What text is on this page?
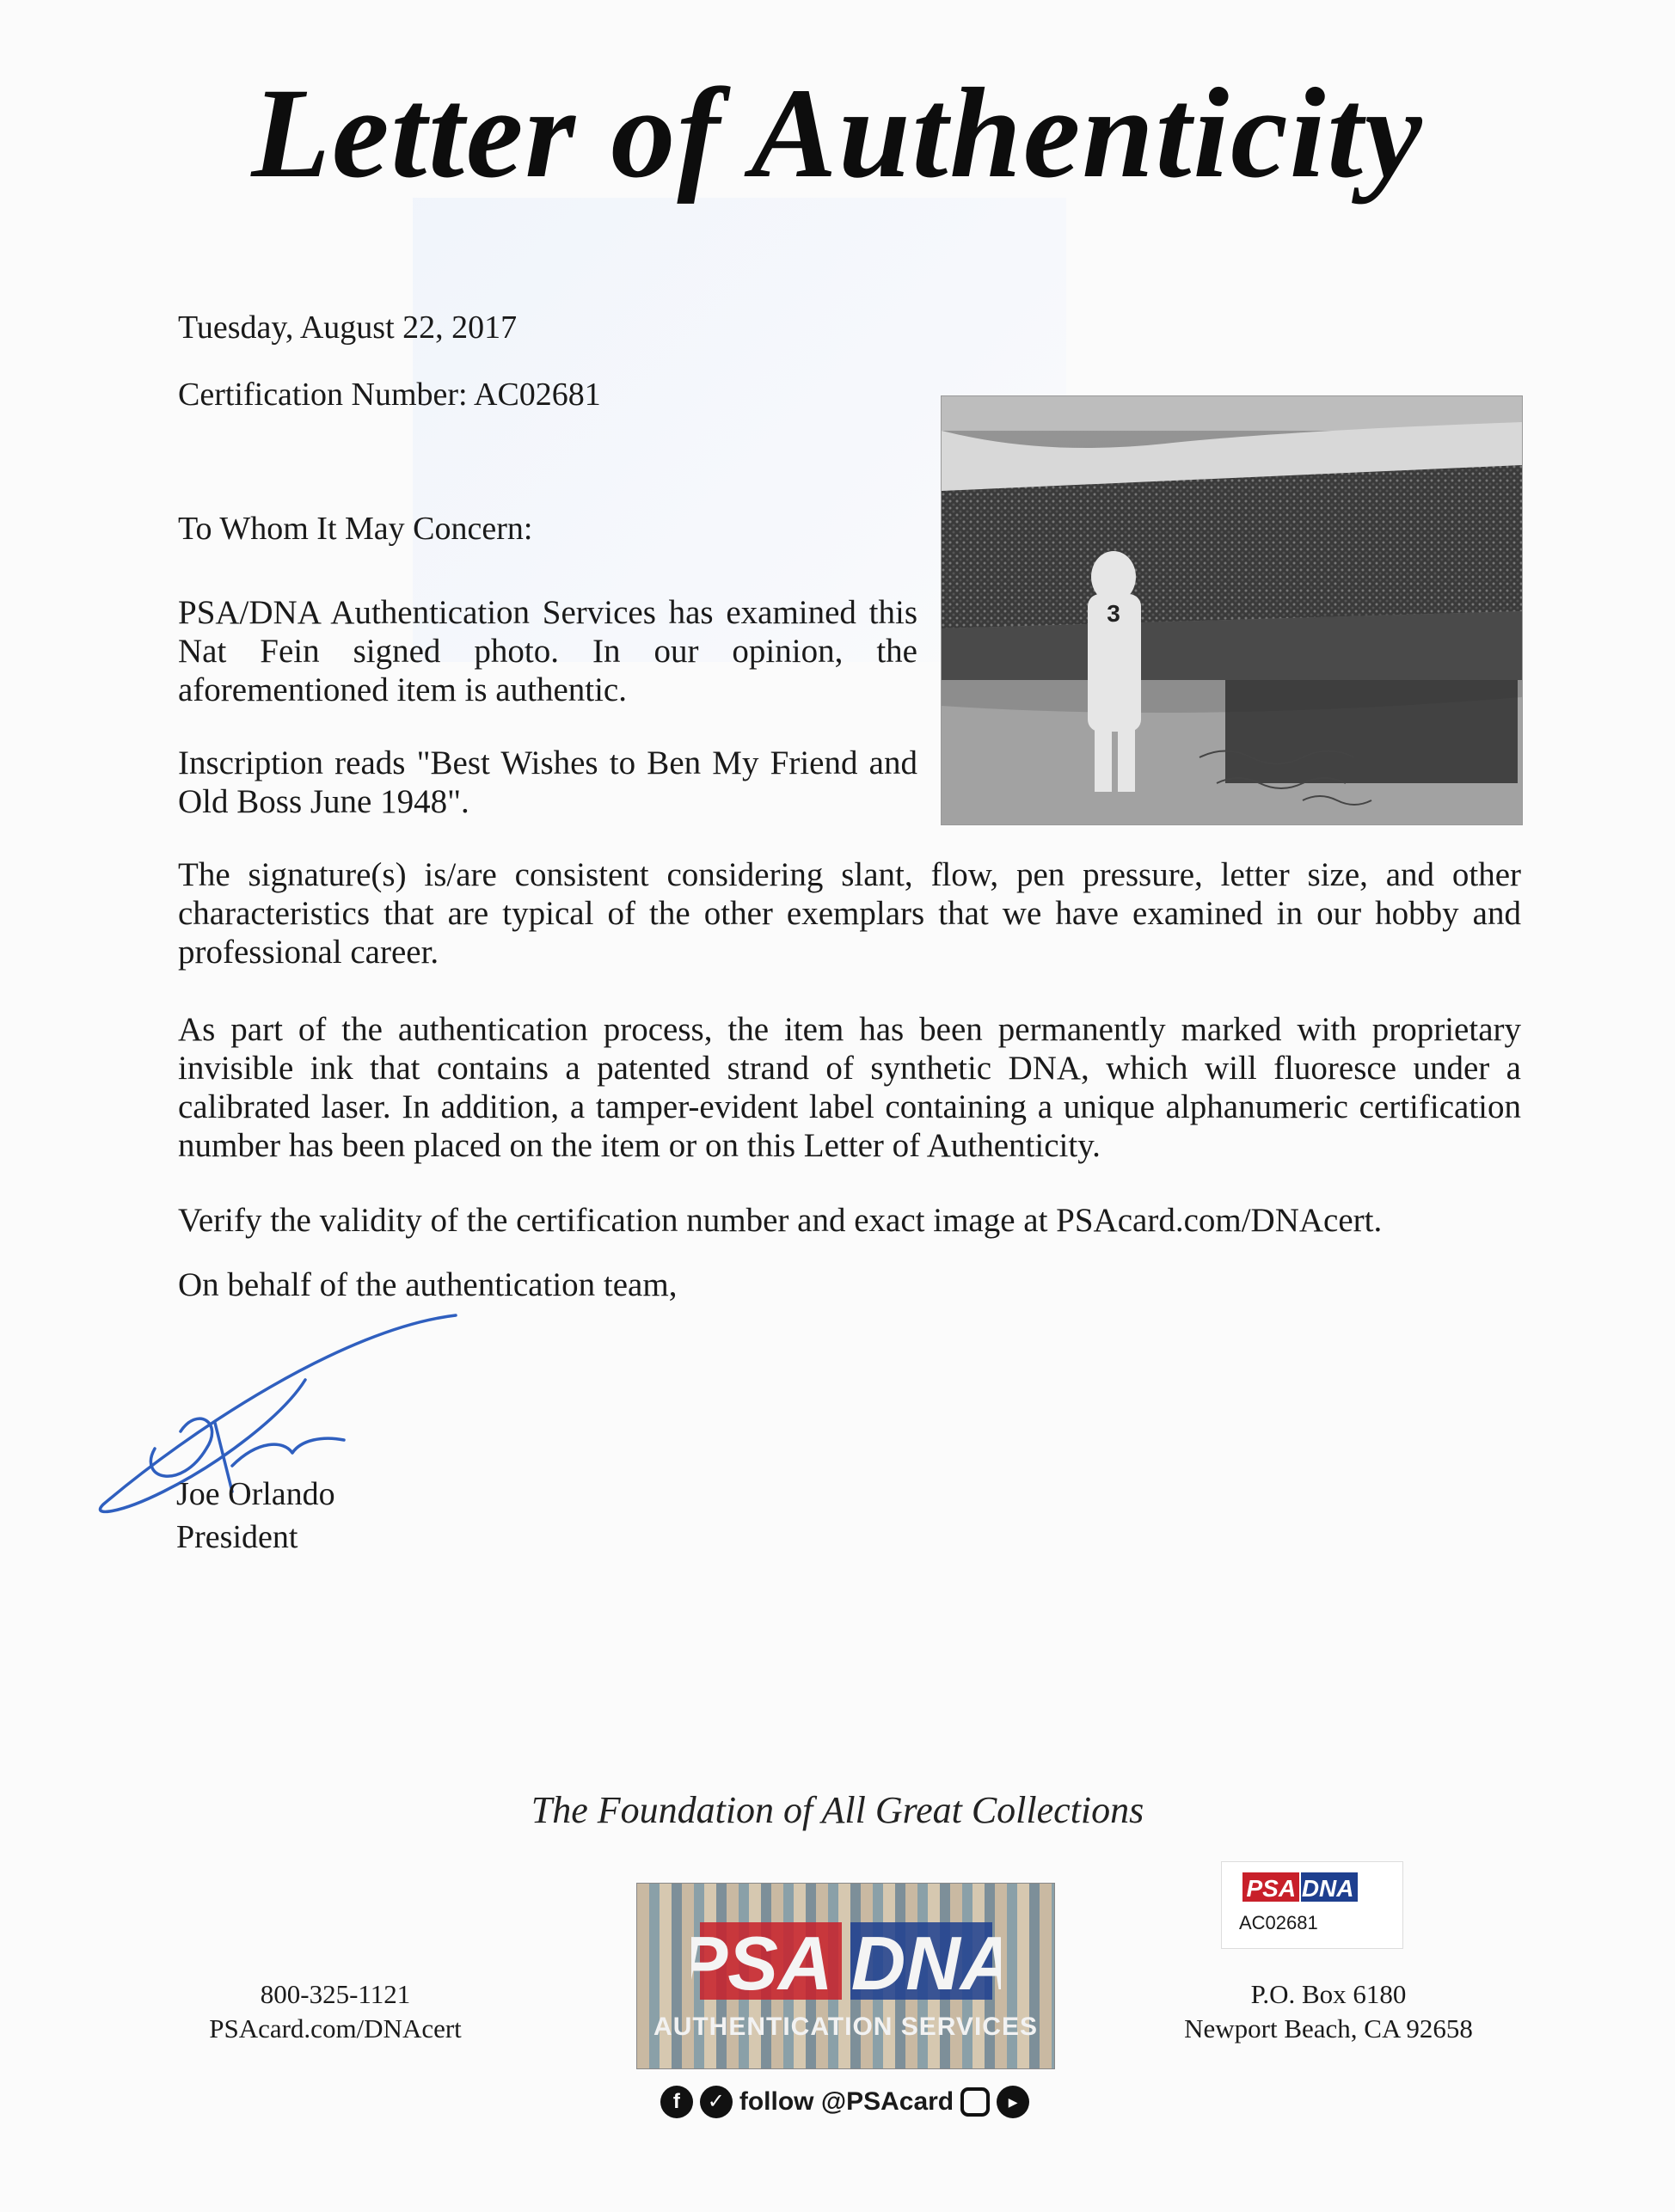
Letter of Authenticity
Tuesday, August 22, 2017
Certification Number: AC02681
To Whom It May Concern:
PSA/DNA Authentication Services has examined this Nat Fein signed photo. In our opinion, the aforementioned item is authentic.
Inscription reads "Best Wishes to Ben My Friend and Old Boss June 1948".
3
The signature(s) is/are consistent considering slant, flow, pen pressure, letter size, and other characteristics that are typical of the other exemplars that we have examined in our hobby and professional career.
As part of the authentication process, the item has been permanently marked with proprietary invisible ink that contains a patented strand of synthetic DNA, which will fluoresce under a calibrated laser. In addition, a tamper-evident label containing a unique alphanumeric certification number has been placed on the item or on this Letter of Authenticity.
Verify the validity of the certification number and exact image at PSAcard.com/DNAcert.
On behalf of the authentication team,
Joe Orlando
President
The Foundation of All Great Collections
800-325-1121
PSAcard.com/DNAcert
PSA DNA
AUTHENTICATION SERVICES
f	✓ follow @PSAcard	▶
PSA DNA
AC02681
P.O. Box 6180
Newport Beach, CA 92658
